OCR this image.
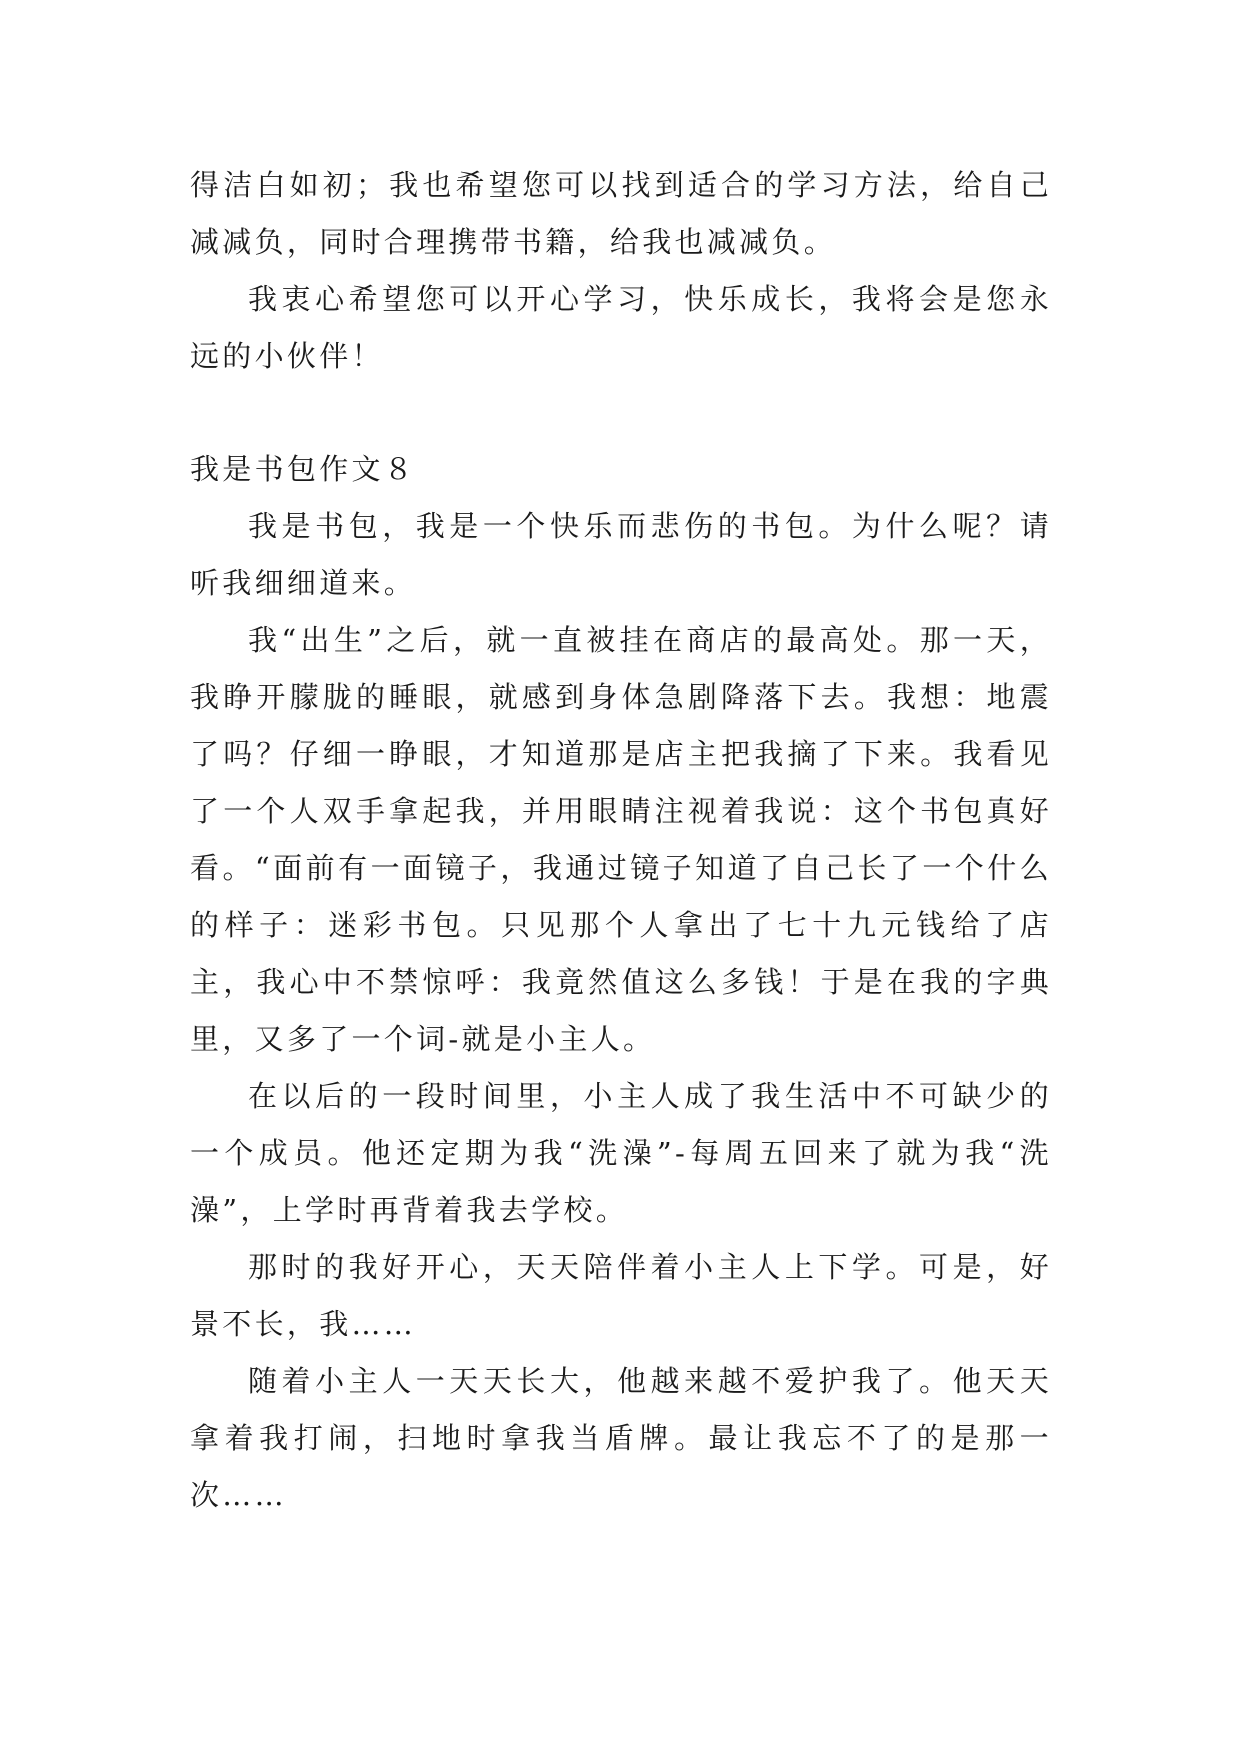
得洁白如初；我也希望您可以找到适合的学习方法，给自己减减负，同时合理携带书籍，给我也减减负。

我衷心希望您可以开心学习，快乐成长，我将会是您永远的小伙伴！

我是书包作文８

我是书包，我是一个快乐而悲伤的书包。为什么呢？请听我细细道来。

我“出生”之后，就一直被挂在商店的最高处。那一天，我睁开朦胧的睡眼，就感到身体急剧降落下去。我想：地震了吗？仔细一睁眼，才知道那是店主把我摘了下来。我看见了一个人双手拿起我，并用眼睛注视着我说：这个书包真好看。“面前有一面镜子，我通过镜子知道了自己长了一个什么的样子：迷彩书包。只见那个人拿出了七十九元钱给了店主，我心中不禁惊呼：我竟然值这么多钱！于是在我的字典里，又多了一个词-就是小主人。

在以后的一段时间里，小主人成了我生活中不可缺少的一个成员。他还定期为我“洗澡”-每周五回来了就为我“洗澡”，上学时再背着我去学校。

那时的我好开心，天天陪伴着小主人上下学。可是，好景不长，我……

随着小主人一天天长大，他越来越不爱护我了。他天天拿着我打闹，扫地时拿我当盾牌。最让我忘不了的是那一次……
